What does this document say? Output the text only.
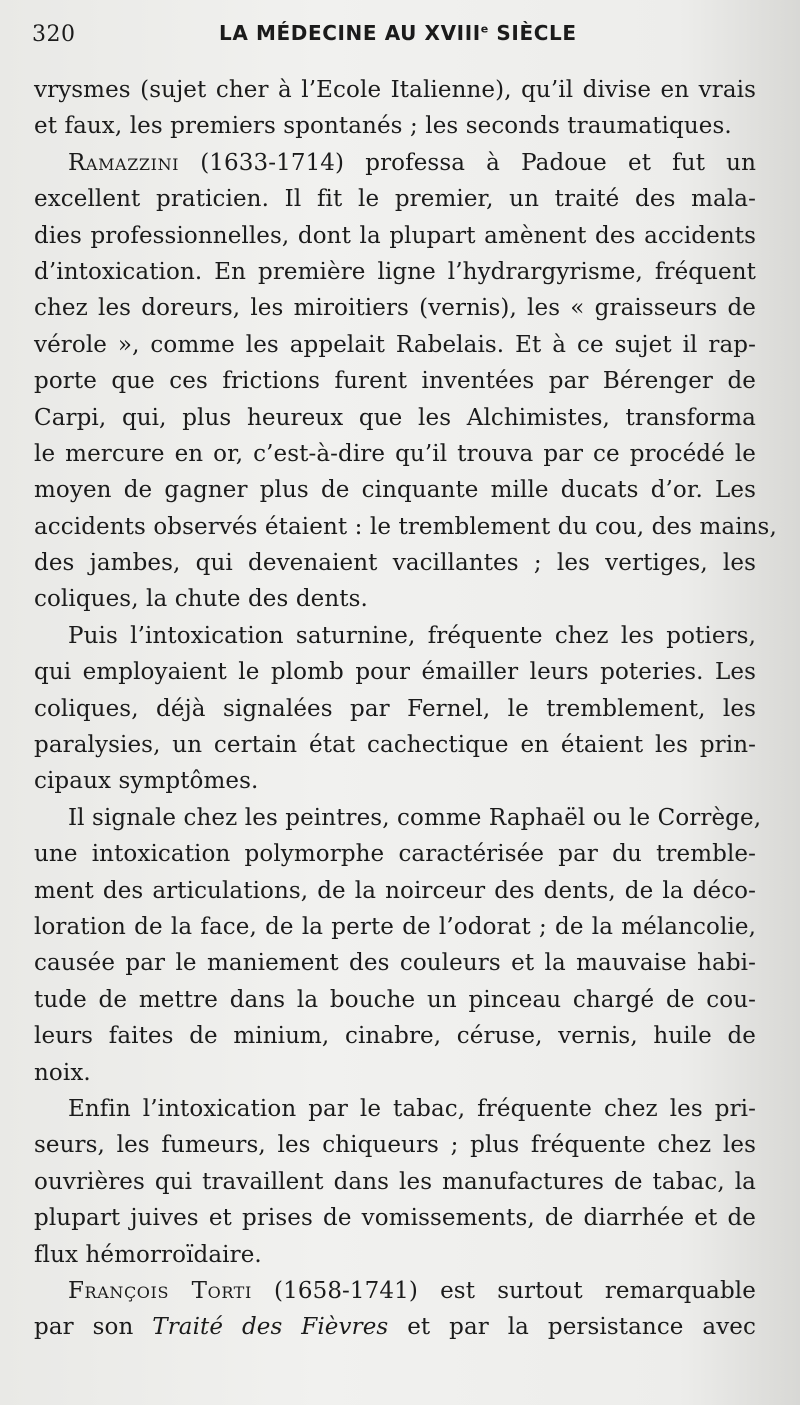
320	LA MÉDECINE AU XVIIIe SIÈCLE
vrysmes (sujet cher à l’Ecole Italienne), qu’il divise en vrais
et faux, les premiers spontanés ; les seconds traumatiques.
Ramazzini (1633-1714) professa à Padoue et fut un
excellent praticien. Il fit le premier, un traité des mala-
dies professionnelles, dont la plupart amènent des accidents
d’intoxication. En première ligne l’hydrargyrisme, fréquent
chez les doreurs, les miroitiers (vernis), les « graisseurs de
vérole », comme les appelait Rabelais. Et à ce sujet il rap-
porte que ces frictions furent inventées par Bérenger de
Carpi, qui, plus heureux que les Alchimistes, transforma
le mercure en or, c’est-à-dire qu’il trouva par ce procédé le
moyen de gagner plus de cinquante mille ducats d’or. Les
accidents observés étaient : le tremblement du cou, des mains,
des jambes, qui devenaient vacillantes ; les vertiges, les
coliques, la chute des dents.
Puis l’intoxication saturnine, fréquente chez les potiers,
qui employaient le plomb pour émailler leurs poteries. Les
coliques, déjà signalées par Fernel, le tremblement, les
paralysies, un certain état cachectique en étaient les prin-
cipaux symptômes.
Il signale chez les peintres, comme Raphaël ou le Corrège,
une intoxication polymorphe caractérisée par du tremble-
ment des articulations, de la noirceur des dents, de la déco-
loration de la face, de la perte de l’odorat ; de la mélancolie,
causée par le maniement des couleurs et la mauvaise habi-
tude de mettre dans la bouche un pinceau chargé de cou-
leurs faites de minium, cinabre, céruse, vernis, huile de
noix.
Enfin l’intoxication par le tabac, fréquente chez les pri-
seurs, les fumeurs, les chiqueurs ; plus fréquente chez les
ouvrières qui travaillent dans les manufactures de tabac, la
plupart juives et prises de vomissements, de diarrhée et de
flux hémorroïdaire.
François Torti (1658-1741) est surtout remarquable
par son Traité des Fièvres et par la persistance avec
